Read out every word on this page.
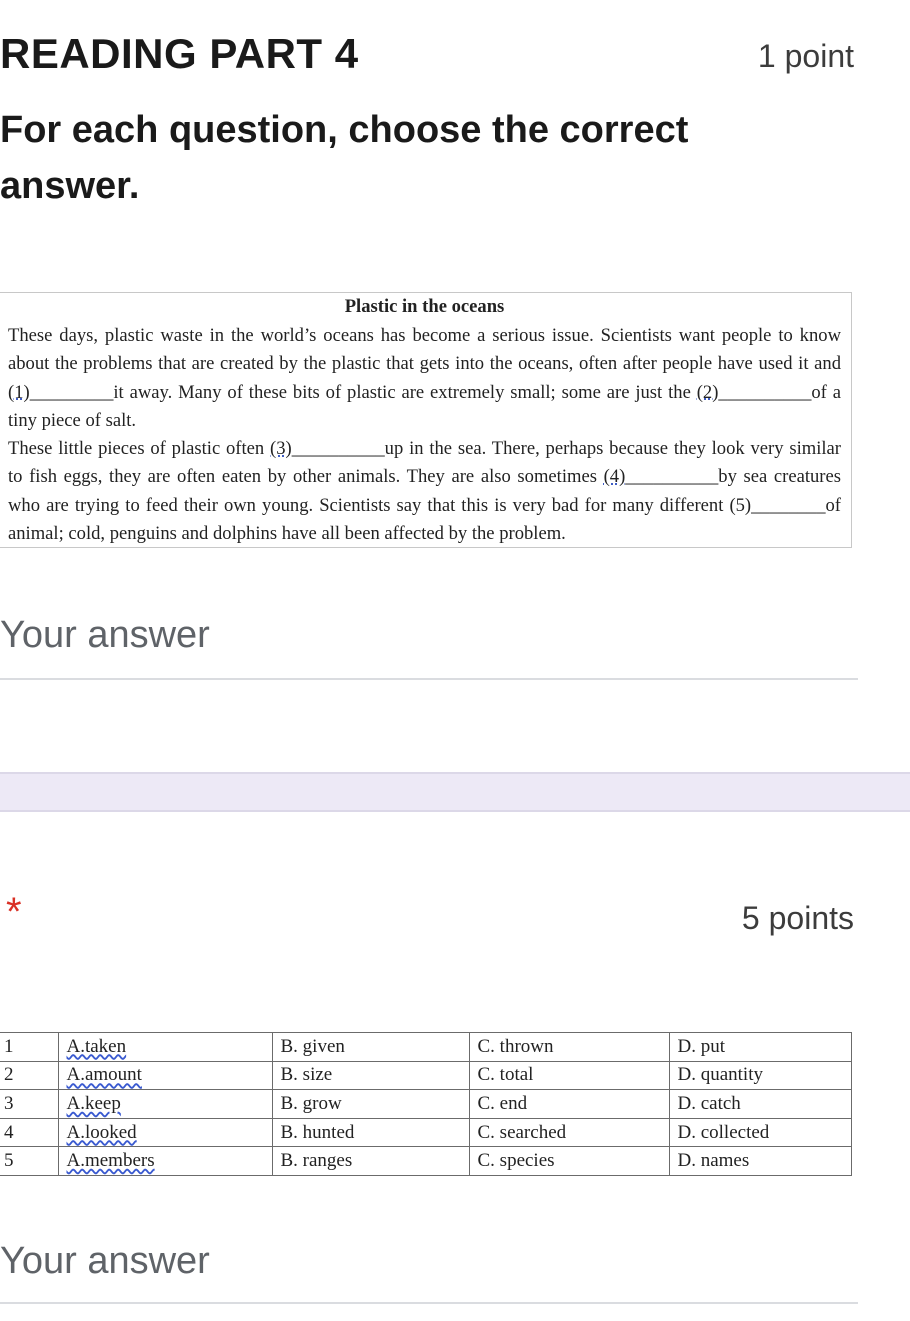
READING PART 4	1 point
For each question, choose the correct answer.
Plastic in the oceans

These days, plastic waste in the world’s oceans has become a serious issue. Scientists want people to know about the problems that are created by the plastic that gets into the oceans, often after people have used it and (1)_________it away. Many of these bits of plastic are extremely small; some are just the (2)__________of a tiny piece of salt.

These little pieces of plastic often (3)__________up in the sea. There, perhaps because they look very similar to fish eggs, they are often eaten by other animals. They are also sometimes (4)__________by sea creatures who are trying to feed their own young. Scientists say that this is very bad for many different (5)________of animal; cold, penguins and dolphins have all been affected by the problem.

Your answer
*	5 points
1	A.taken	B. given	C. thrown	D. put
2	A.amount	B. size	C. total	D. quantity
3	A.keep	B. grow	C. end	D. catch
4	A.looked	B. hunted	C. searched	D. collected
5	A.members	B. ranges	C. species	D. names
Your answer
